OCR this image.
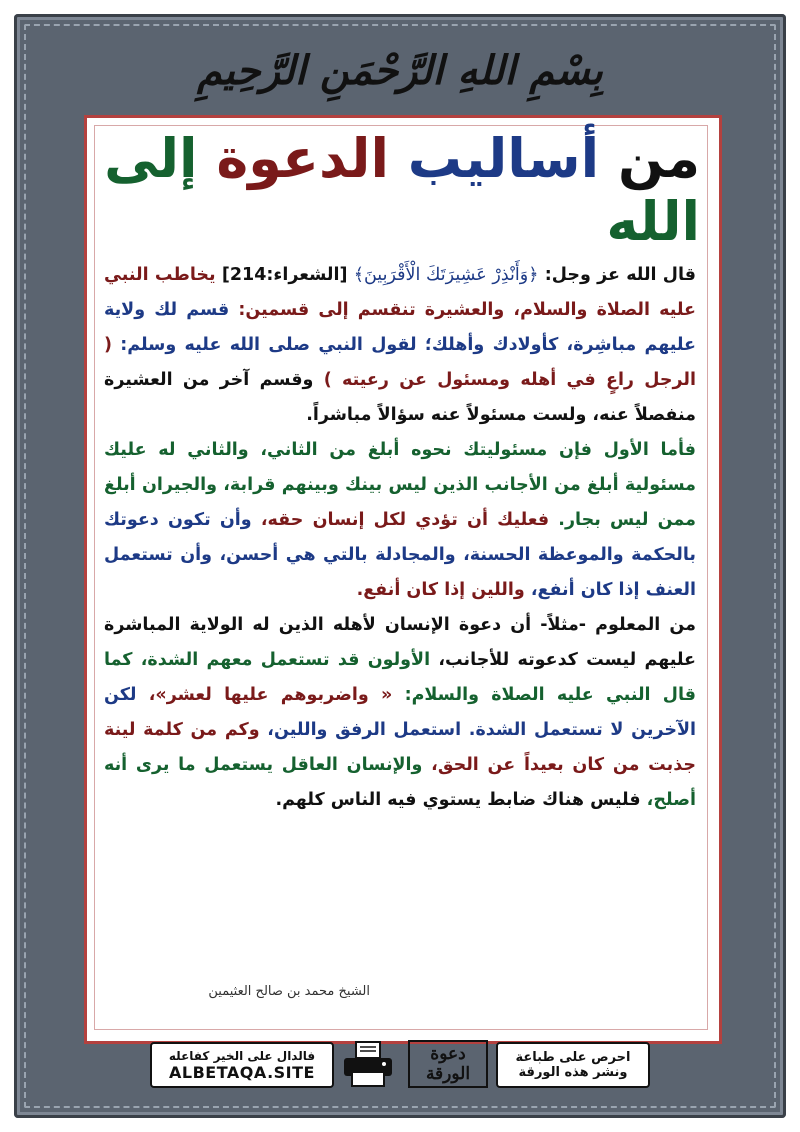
بِسْمِ اللهِ الرَّحْمَنِ الرَّحِيمِ
من أساليب الدعوة إلى الله

قال الله عز وجل: ﴿وَأَنْذِرْ عَشِيرَتَكَ الْأَقْرَبِينَ﴾ [الشعراء:214] يخاطب النبي عليه الصلاة والسلام، والعشيرة تنقسم إلى قسمين: قسم لك ولاية عليهم مباشِرة، كأولادك وأهلك؛ لقول النبي صلى الله عليه وسلم: ( الرجل راعٍ في أهله ومسئول عن رعيته ) وقسم آخر من العشيرة منفصلاً عنه، ولست مسئولاً عنه سؤالاً مباشراً.

فأما الأول فإن مسئوليتك نحوه أبلغ من الثاني، والثاني له عليك مسئولية أبلغ من الأجانب الذين ليس بينك وبينهم قرابة، والجيران أبلغ ممن ليس بجار. فعليك أن تؤدي لكل إنسان حقه، وأن تكون دعوتك بالحكمة والموعظة الحسنة، والمجادلة بالتي هي أحسن، وأن تستعمل العنف إذا كان أنفع، واللين إذا كان أنفع.

من المعلوم -مثلاً- أن دعوة الإنسان لأهله الذين له الولاية المباشرة عليهم ليست كدعوته للأجانب، الأولون قد تستعمل معهم الشدة، كما قال النبي عليه الصلاة والسلام: « واضربوهم عليها لعشر»، لكن الآخرين لا تستعمل الشدة. استعمل الرفق واللين، وكم من كلمة لينة جذبت من كان بعيداً عن الحق، والإنسان العاقل يستعمل ما يرى أنه أصلح، فليس هناك ضابط يستوي فيه الناس كلهم.

الشيخ محمد بن صالح العثيمين
فالدال على الخير كفاعله
ALBETAQA.SITE
دعوة
الورقة
احرص على طباعة
ونشر هذه الورقة
